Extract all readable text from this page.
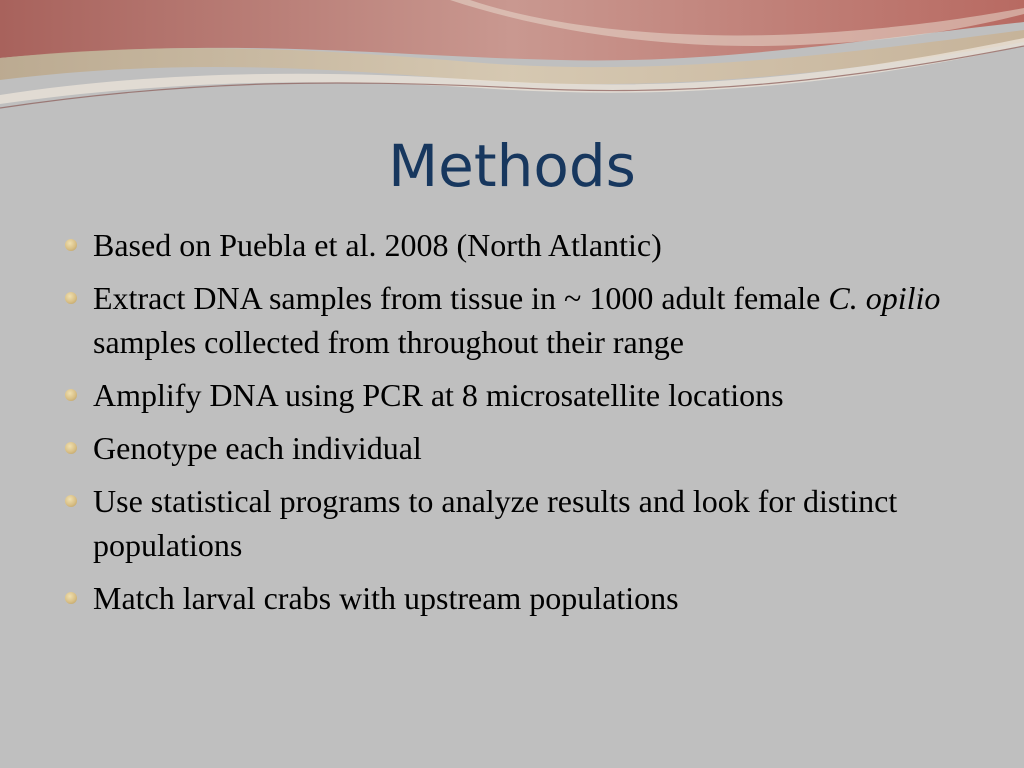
Methods
Based on Puebla et al. 2008 (North Atlantic)
Extract DNA samples from tissue in ~ 1000 adult female C. opilio samples collected from throughout their range
Amplify DNA using PCR at 8 microsatellite locations
Genotype each individual
Use statistical programs to analyze results and look for distinct populations
Match larval crabs with upstream populations
